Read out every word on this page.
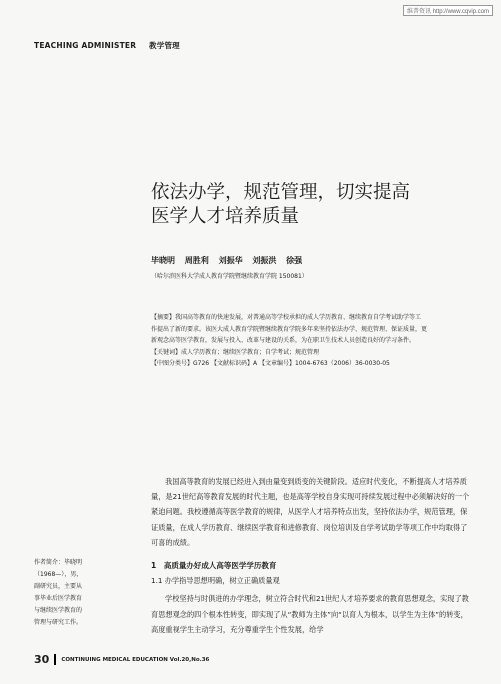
维普资讯 http://www.cqvip.com
TEACHING ADMINISTER 教学管理
依法办学，规范管理，切实提高
医学人才培养质量
毕晓明 周胜利 刘振华 刘振洪 徐强
（哈尔滨医科大学成人教育学院暨继续教育学院 150081）

【摘要】我国高等教育的快速发展，对普通高等学校承担的成人学历教育、继续教育自学考试助学等工

作提出了新的要求。该医大成人教育学院暨继续教育学院多年来坚持依法办学、规范管理、保证质量，更

新观念高等医学教育，发展与投入、改革与建设的关系，为在职卫生技术人员创造良好的学习条件。

【关键词】成人学历教育；继续医学教育；自学考试；规范管理

【中图分类号】G726 【文献标识码】A 【文章编号】1004-6763（2006）36-0030-05

我国高等教育的发展已经进入到由量变到质变的关键阶段。适应时代变化，不断提高人才培养质量，是21世纪高等教育发展的时代主题，也是高等学校自身实现可持续发展过程中必须解决好的一个紧迫问题。我校遵循高等医学教育的规律，从医学人才培养特点出发，坚持依法办学，规范管理，保证质量，在成人学历教育、继续医学教育和进修教育、岗位培训及自学考试助学等项工作中均取得了可喜的成绩。
作者简介：毕晓明
（1968—），男，
副研究员，主要从
事毕业后医学教育
与继续医学教育的
管理与研究工作。
1 高质量办好成人高等医学学历教育
1.1 办学指导思想明确，树立正确质量观
学校坚持与时俱进的办学理念，树立符合时代和21世纪人才培养要求的教育思想观念，实现了教育思想观念的四个根本性转变，即实现了从“教师为主体”向“以育人为根本，以学生为主体”的转变，高度重视学生主动学习，充分尊重学生个性发展，给学
30 CONTINUING MEDICAL EDUCATION Vol.20,No.36
